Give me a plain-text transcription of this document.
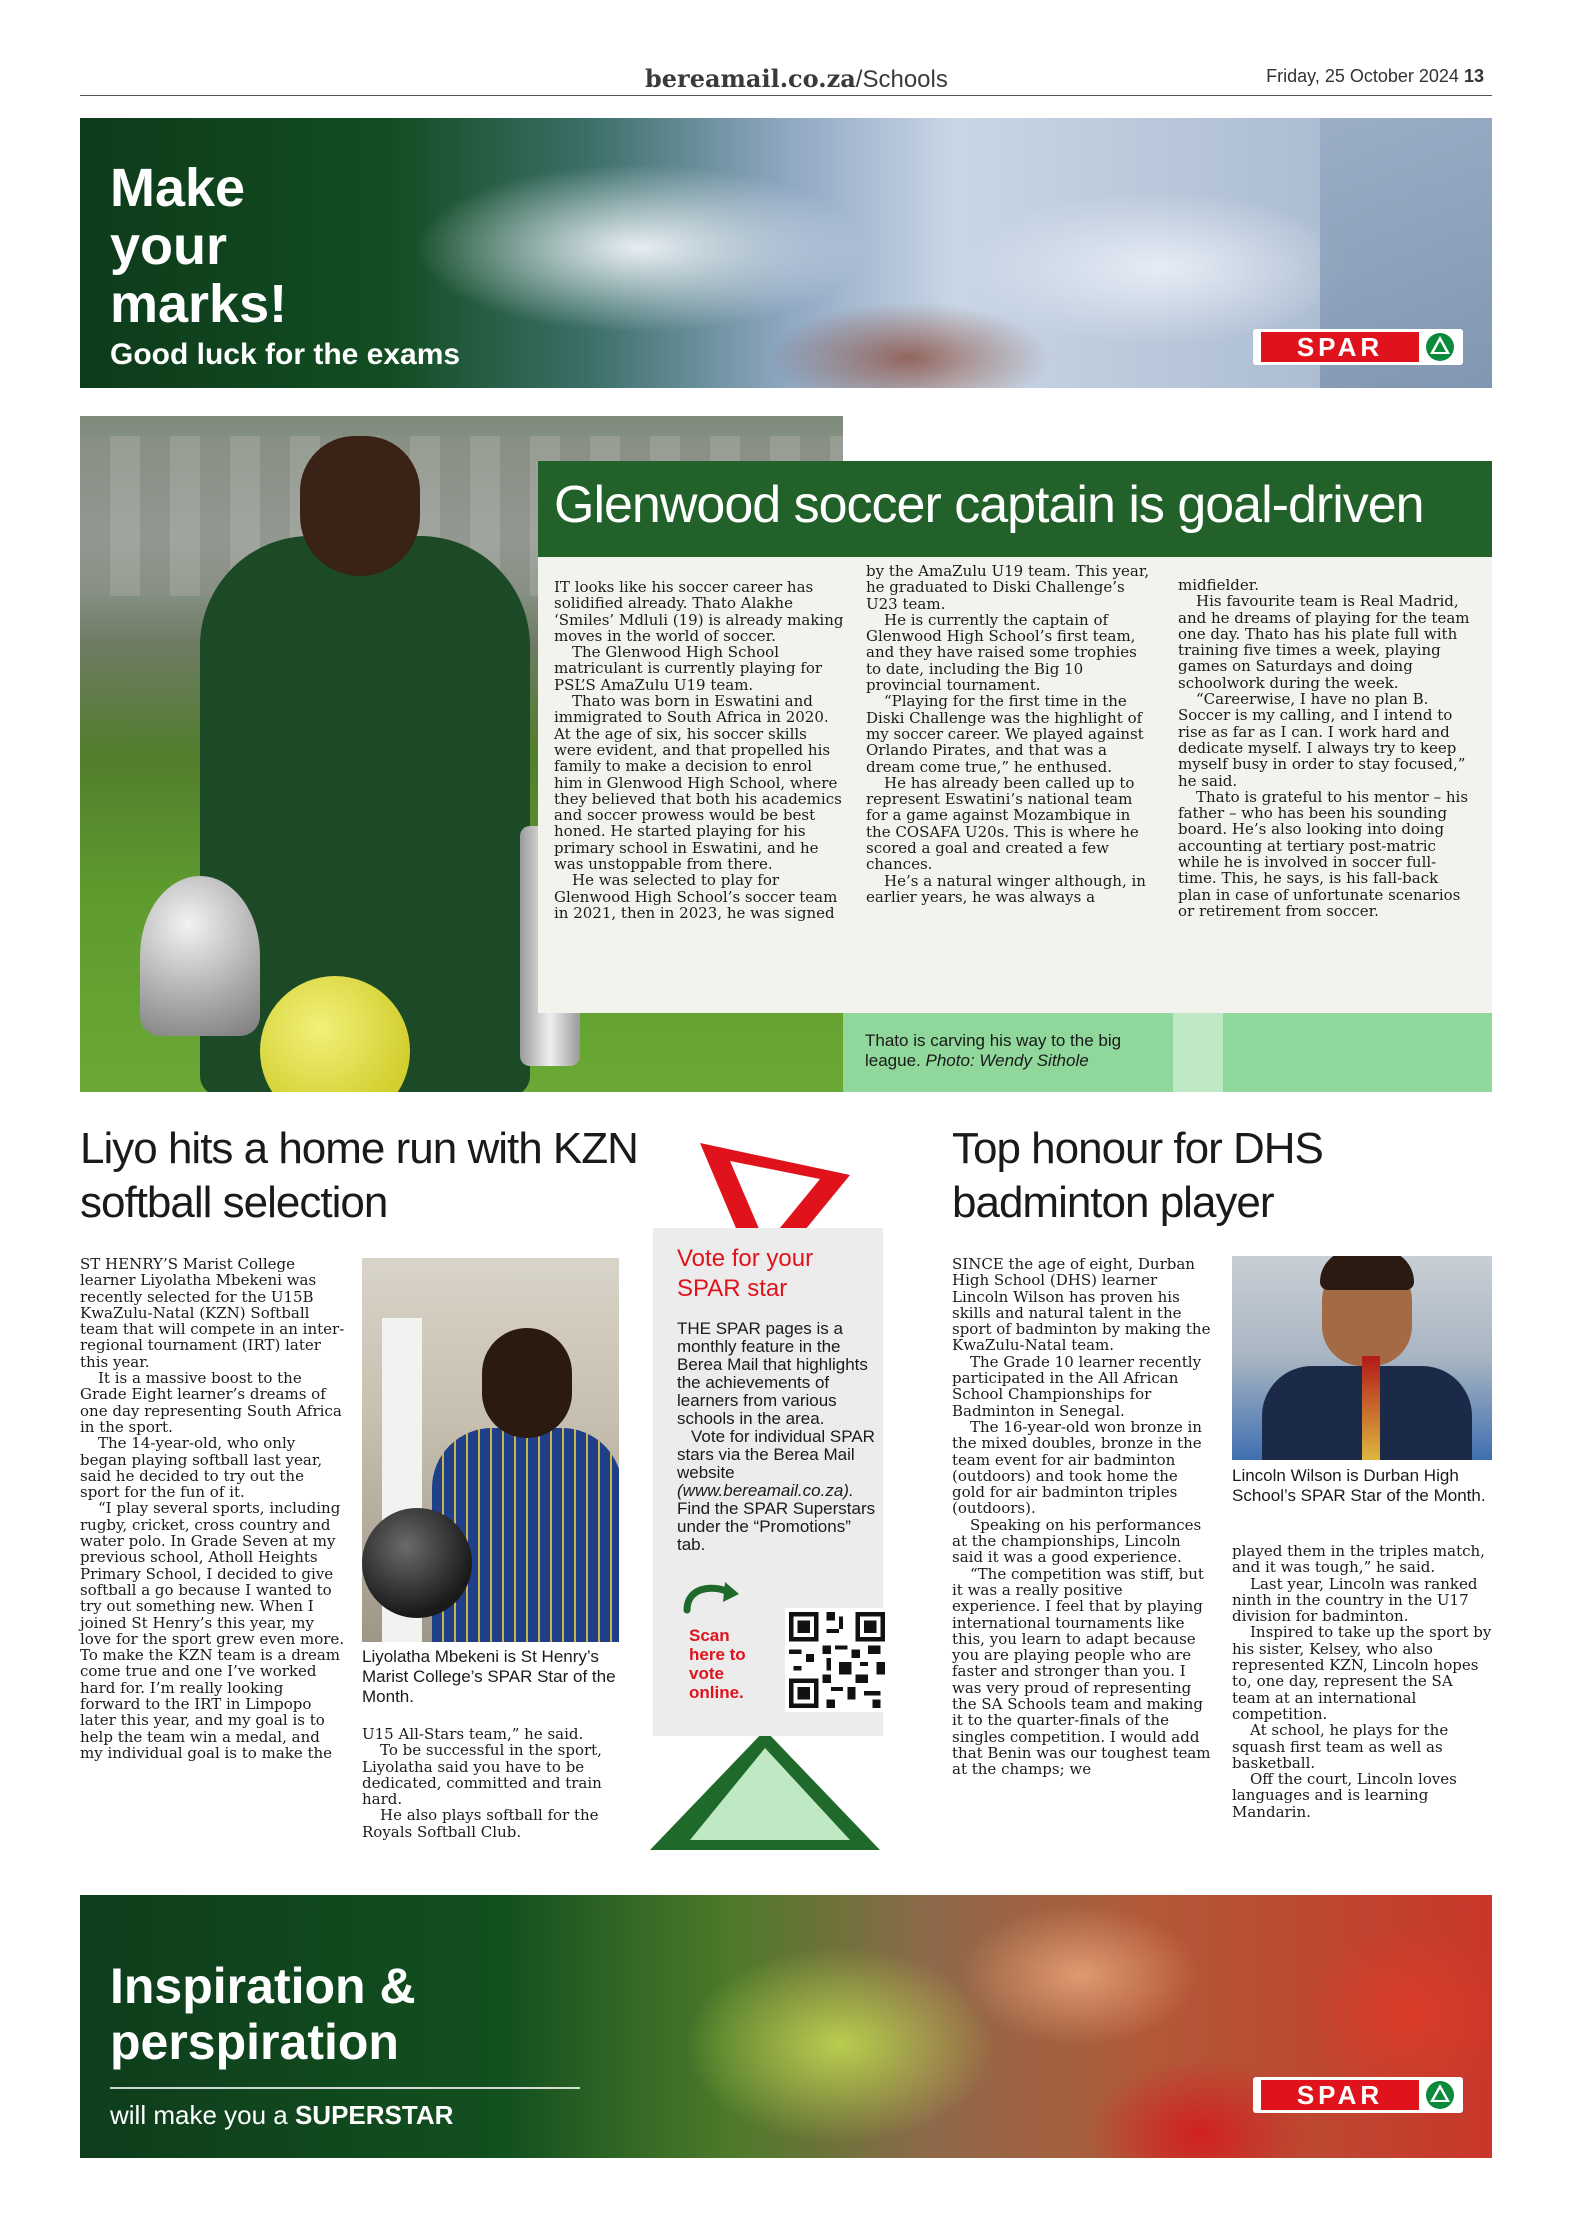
bereamail.co.za/Schools	Friday, 25 October 2024 13
Make
your
marks!
Good luck for the exams	SPAR
Glenwood soccer captain is goal-driven

IT looks like his soccer career has solidified already. Thato Alakhe ‘Smiles’ Mdluli (19) is already making moves in the world of soccer.

The Glenwood High School matriculant is currently playing for PSL’S AmaZulu U19 team.

Thato was born in Eswatini and immigrated to South Africa in 2020. At the age of six, his soccer skills were evident, and that propelled his family to make a decision to enrol him in Glenwood High School, where they believed that both his academics and soccer prowess would be best honed. He started playing for his primary school in Eswatini, and he was unstoppable from there.

He was selected to play for Glenwood High School’s soccer team in 2021, then in 2023, he was signed

by the AmaZulu U19 team. This year, he graduated to Diski Challenge’s U23 team.

He is currently the captain of Glenwood High School’s first team, and they have raised some trophies to date, including the Big 10 provincial tournament.

“Playing for the first time in the Diski Challenge was the highlight of my soccer career. We played against Orlando Pirates, and that was a dream come true,” he enthused.

He has already been called up to represent Eswatini’s national team for a game against Mozambique in the COSAFA U20s. This is where he scored a goal and created a few chances.

He’s a natural winger although, in earlier years, he was always a

midfielder.

His favourite team is Real Madrid, and he dreams of playing for the team one day. Thato has his plate full with training five times a week, playing games on Saturdays and doing schoolwork during the week.

“Careerwise, I have no plan B. Soccer is my calling, and I intend to rise as far as I can. I work hard and dedicate myself. I always try to keep myself busy in order to stay focused,” he said.

Thato is grateful to his mentor – his father – who has been his sounding board. He’s also looking into doing accounting at tertiary post-matric while he is involved in soccer full-time. This, he says, is his fall-back plan in case of unfortunate scenarios or retirement from soccer.

Thato is carving his way to the big league. Photo: Wendy Sithole
Liyo hits a home run with KZN softball selection

ST HENRY’S Marist College learner Liyolatha Mbekeni was recently selected for the U15B KwaZulu-Natal (KZN) Softball team that will compete in an inter-regional tournament (IRT) later this year.

It is a massive boost to the Grade Eight learner’s dreams of one day representing South Africa in the sport.

The 14-year-old, who only began playing softball last year, said he decided to try out the sport for the fun of it.

“I play several sports, including rugby, cricket, cross country and water polo. In Grade Seven at my previous school, Atholl Heights Primary School, I decided to give softball a go because I wanted to try out something new. When I joined St Henry’s this year, my love for the sport grew even more. To make the KZN team is a dream come true and one I’ve worked hard for. I’m really looking forward to the IRT in Limpopo later this year, and my goal is to help the team win a medal, and my individual goal is to make the

Liyolatha Mbekeni is St Henry’s Marist College’s SPAR Star of the Month.

U15 All-Stars team,” he said.

To be successful in the sport, Liyolatha said you have to be dedicated, committed and train hard.

He also plays softball for the Royals Softball Club.

Vote for your SPAR star

THE SPAR pages is a monthly feature in the Berea Mail that highlights the achievements of learners from various schools in the area.

Vote for individual SPAR stars via the Berea Mail website (www.bereamail.co.za). Find the SPAR Superstars under the “Promotions” tab.

Scan here to vote online.
Top honour for DHS badminton player

SINCE the age of eight, Durban High School (DHS) learner Lincoln Wilson has proven his skills and natural talent in the sport of badminton by making the KwaZulu-Natal team.

The Grade 10 learner recently participated in the All African School Championships for Badminton in Senegal.

The 16-year-old won bronze in the mixed doubles, bronze in the team event for air badminton (outdoors) and took home the gold for air badminton triples (outdoors).

Speaking on his performances at the championships, Lincoln said it was a good experience.

“The competition was stiff, but it was a really positive experience. I feel that by playing international tournaments like this, you learn to adapt because you are playing people who are faster and stronger than you. I was very proud of representing the SA Schools team and making it to the quarter-finals of the singles competition. I would add that Benin was our toughest team at the champs; we

Lincoln Wilson is Durban High School’s SPAR Star of the Month.

played them in the triples match, and it was tough,” he said.

Last year, Lincoln was ranked ninth in the country in the U17 division for badminton.

Inspired to take up the sport by his sister, Kelsey, who also represented KZN, Lincoln hopes to, one day, represent the SA team at an international competition.

At school, he plays for the squash first team as well as basketball.

Off the court, Lincoln loves languages and is learning Mandarin.

Inspiration &
perspiration
will make you a SUPERSTAR
SPAR
